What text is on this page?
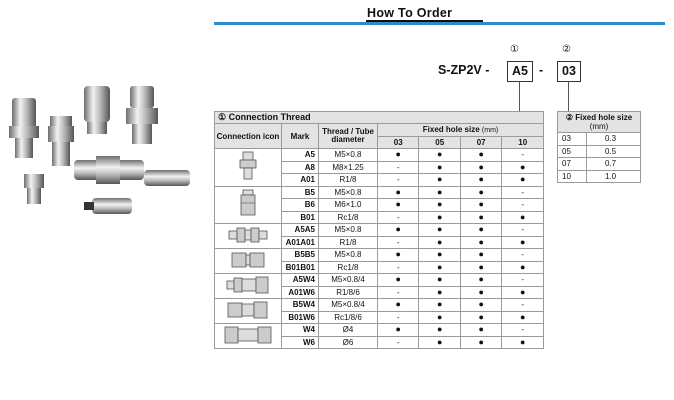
How To Order
①	②
S-ZP2V -	A5 -	03
① Connection Thread						
Connection icon	Mark	Thread / Tube diameter	Fixed hole size (mm)			
			03	05	07	10
	A5	M5×0.8	●	●	●	-
	A8	M8×1.25	-	●	●	●
	A01	R1/8	-	●	●	●
	B5	M5×0.8	●	●	●	-
	B6	M6×1.0	●	●	●	-
	B01	Rc1/8	-	●	●	●
	A5A5	M5×0.8	●	●	●	-
	A01A01	R1/8	-	●	●	●
	B5B5	M5×0.8	●	●	●	-
	B01B01	Rc1/8	-	●	●	●
	A5W4	M5×0.8/4	●	●	●	-
	A01W6	R1/8/6	-	●	●	●
	B5W4	M5×0.8/4	●	●	●	-
	B01W6	Rc1/8/6	-	●	●	●
	W4	Ø4	●	●	●	-
	W6	Ø6	-	●	●	●
② Fixed hole size
(mm)	

03	0.3
05	0.5
07	0.7
10	1.0
